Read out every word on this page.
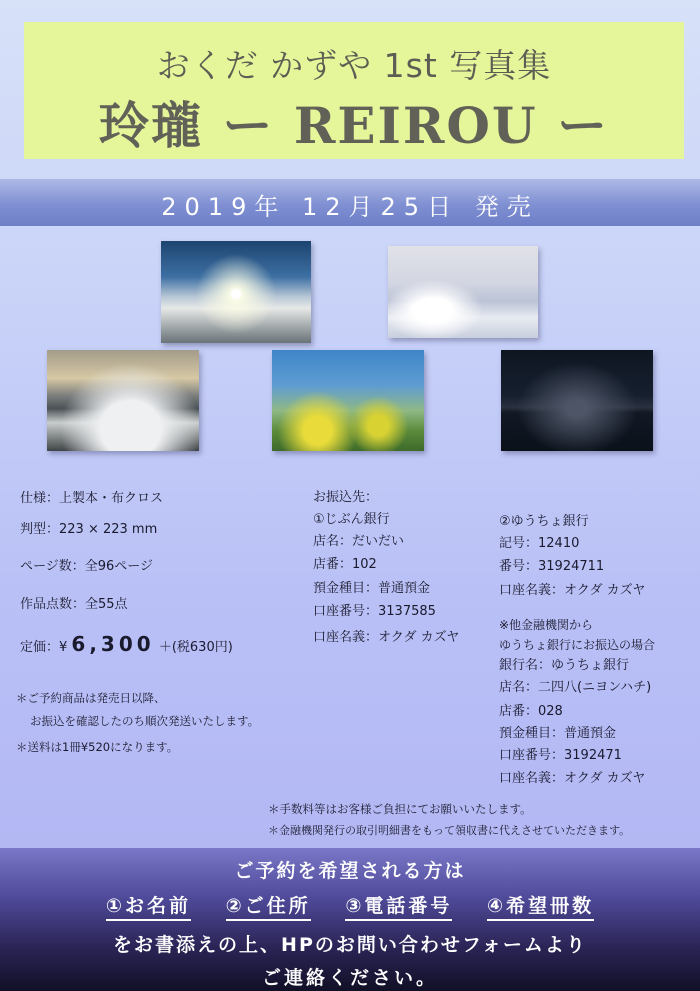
おくだ かずや 1st 写真集
玲瓏 ー REIROU ー
2019年 12月25日 発売
仕様：上製本・布クロス
判型：223 × 223 mm
ページ数：全96ページ
作品点数：全55点
定価：¥ 6,300 ＋(税630円)
＊ご予約商品は発売日以降、
お振込を確認したのち順次発送いたします。
＊送料は1冊¥520になります。
お振込先：
①じぶん銀行
店名：だいだい
店番：102
預金種目：普通預金
口座番号：3137585
口座名義：オクダ カズヤ
②ゆうちょ銀行
記号：12410
番号：31924711
口座名義：オクダ カズヤ
※他金融機関から
ゆうちょ銀行にお振込の場合
銀行名：ゆうちょ銀行
店名：二四八(ニヨンハチ)
店番：028
預金種目：普通預金
口座番号：3192471
口座名義：オクダ カズヤ
＊手数料等はお客様ご負担にてお願いいたします。
＊金融機関発行の取引明細書をもって領収書に代えさせていただきます。
ご予約を希望される方は
①お名前 ②ご住所 ③電話番号 ④希望冊数
をお書添えの上、HPのお問い合わせフォームより
ご連絡ください。
